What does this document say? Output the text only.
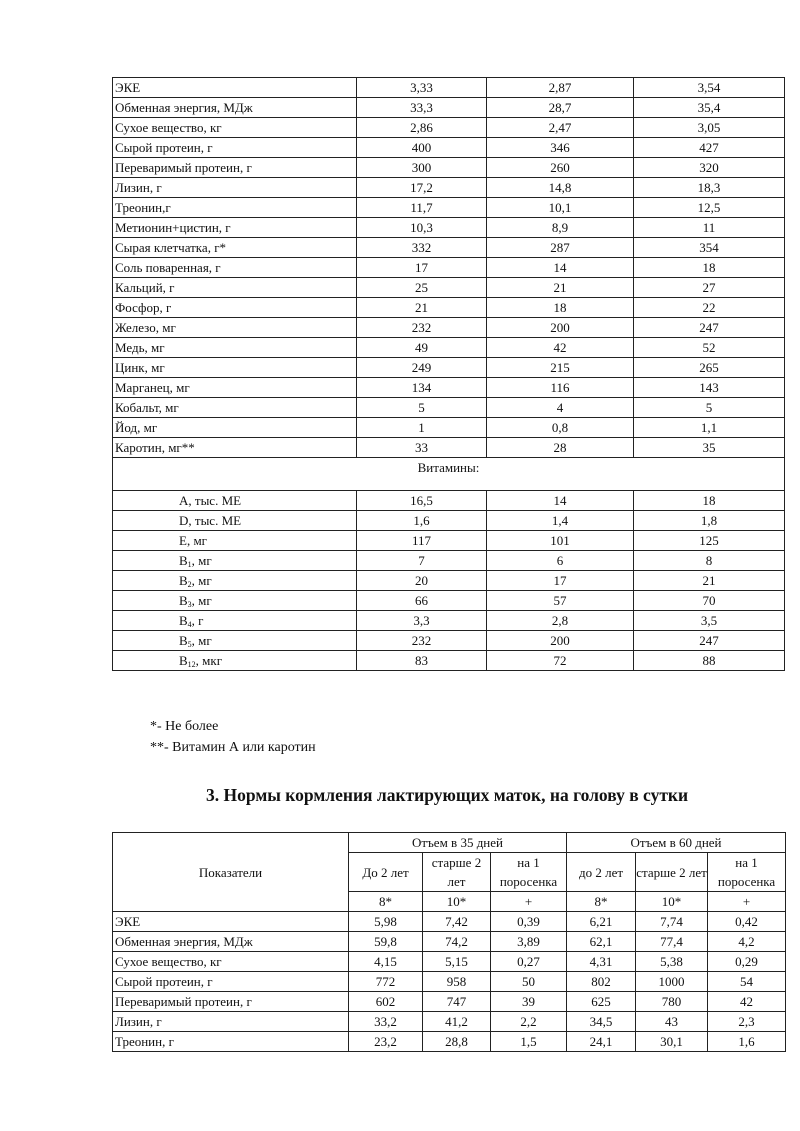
ЭКЕ	3,33	2,87	3,54
Обменная энергия, МДж	33,3	28,7	35,4
Сухое вещество, кг	2,86	2,47	3,05
Сырой протеин, г	400	346	427
Переваримый протеин, г	300	260	320
Лизин, г	17,2	14,8	18,3
Треонин,г	11,7	10,1	12,5
Метионин+цистин, г	10,3	8,9	11
Сырая клетчатка, г*	332	287	354
Соль поваренная, г	17	14	18
Кальций, г	25	21	27
Фосфор, г	21	18	22
Железо, мг	232	200	247
Медь, мг	49	42	52
Цинк, мг	249	215	265
Марганец, мг	134	116	143
Кобальт, мг	5	4	5
Йод, мг	1	0,8	1,1
Каротин, мг**	33	28	35
Витамины:			
А, тыс. МЕ	16,5	14	18
D, тыс. МЕ	1,6	1,4	1,8
Е, мг	117	101	125
$В_1$, мг	7	6	8
$В_2$, мг	20	17	21
$В_3$, мг	66	57	70
$В_4$, г	3,3	2,8	3,5
$В_5$, мг	232	200	247
$В_{12}$, мкг	83	72	88
*- Не более
**- Витамин А или каротин
3. Нормы кормления лактирующих маток, на голову в сутки
Показатели	Отъем в 35 дней			Отъем в 60 дней		
	До 2 лет	старше 2 лет	на 1 поросенка	до 2 лет	старше 2 лет	на 1 поросенка
	8*	10*	+	8*	10*	+
ЭКЕ	5,98	7,42	0,39	6,21	7,74	0,42
Обменная энергия, МДж	59,8	74,2	3,89	62,1	77,4	4,2
Сухое вещество, кг	4,15	5,15	0,27	4,31	5,38	0,29
Сырой протеин, г	772	958	50	802	1000	54
Переваримый протеин, г	602	747	39	625	780	42
Лизин, г	33,2	41,2	2,2	34,5	43	2,3
Треонин, г	23,2	28,8	1,5	24,1	30,1	1,6
